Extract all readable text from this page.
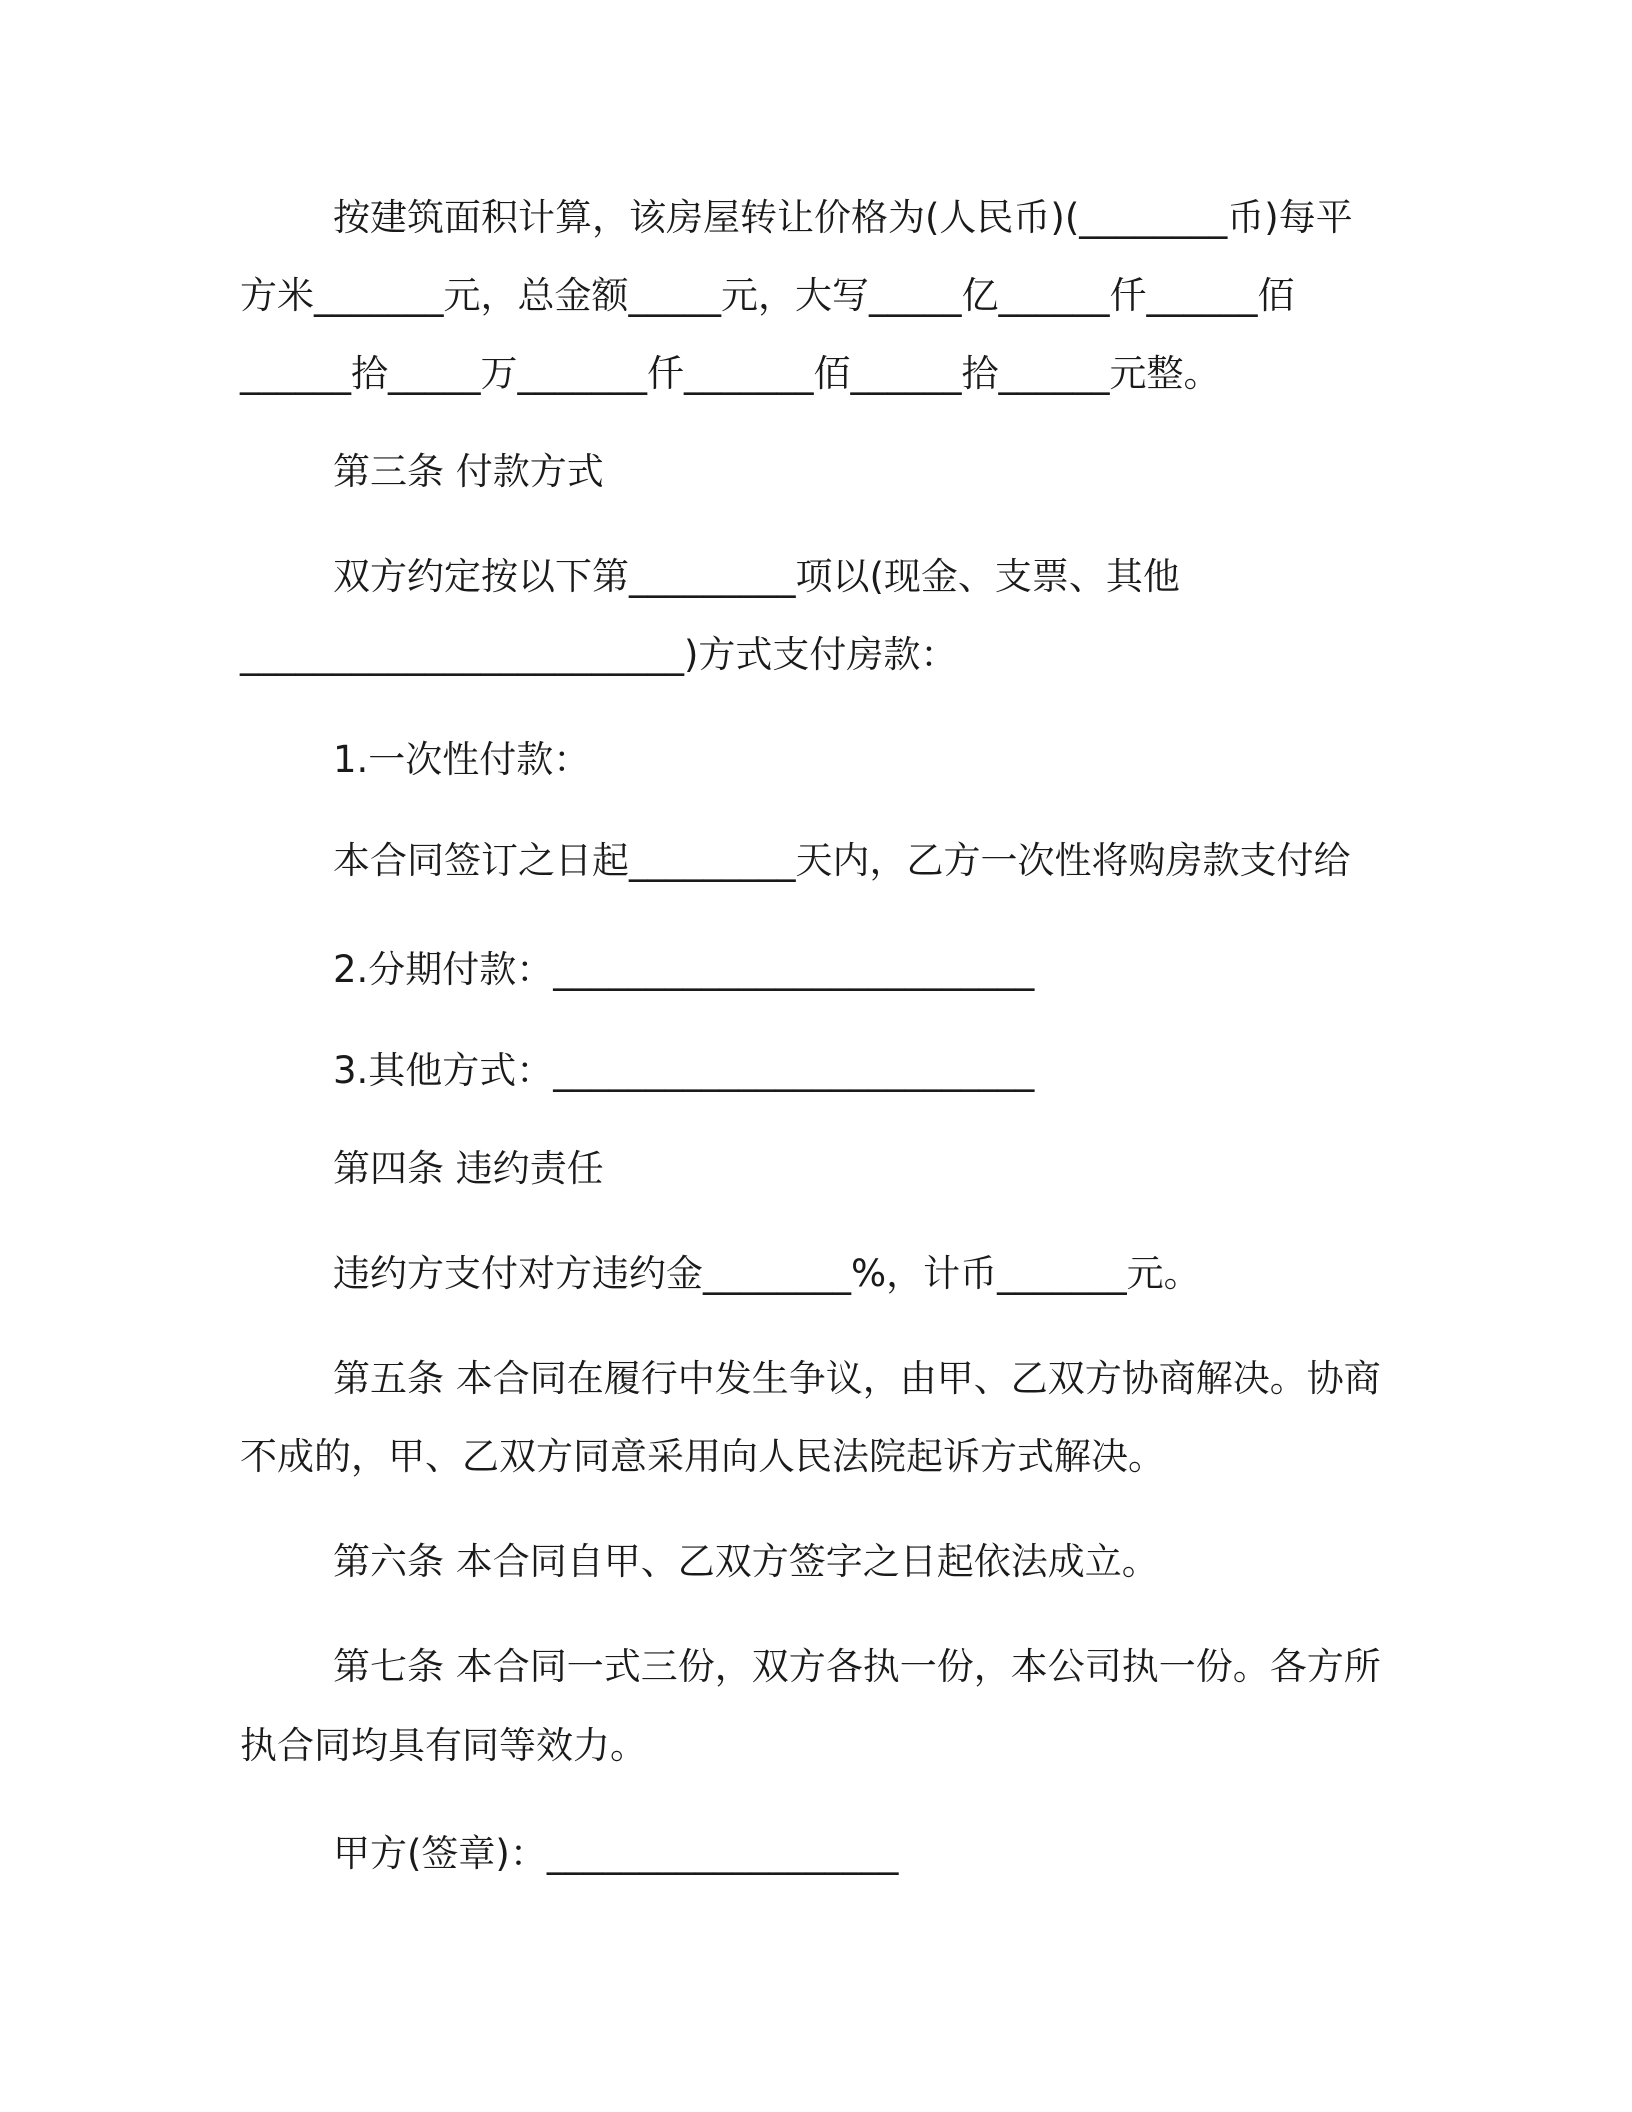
按建筑面积计算，该房屋转让价格为(人民币)(________币)每平

方米_______元，总金额_____元，大写_____亿______仟______佰

______拾_____万_______仟_______佰______拾______元整。

第三条 付款方式

双方约定按以下第_________项以(现金、支票、其他

________________________)方式支付房款：

1.一次性付款：

本合同签订之日起_________天内，乙方一次性将购房款支付给

2.分期付款：__________________________

3.其他方式：__________________________

第四条 违约责任

违约方支付对方违约金________%，计币_______元。

第五条 本合同在履行中发生争议，由甲、乙双方协商解决。协商

不成的，甲、乙双方同意采用向人民法院起诉方式解决。

第六条 本合同自甲、乙双方签字之日起依法成立。

第七条 本合同一式三份，双方各执一份，本公司执一份。各方所

执合同均具有同等效力。

甲方(签章)：___________________
